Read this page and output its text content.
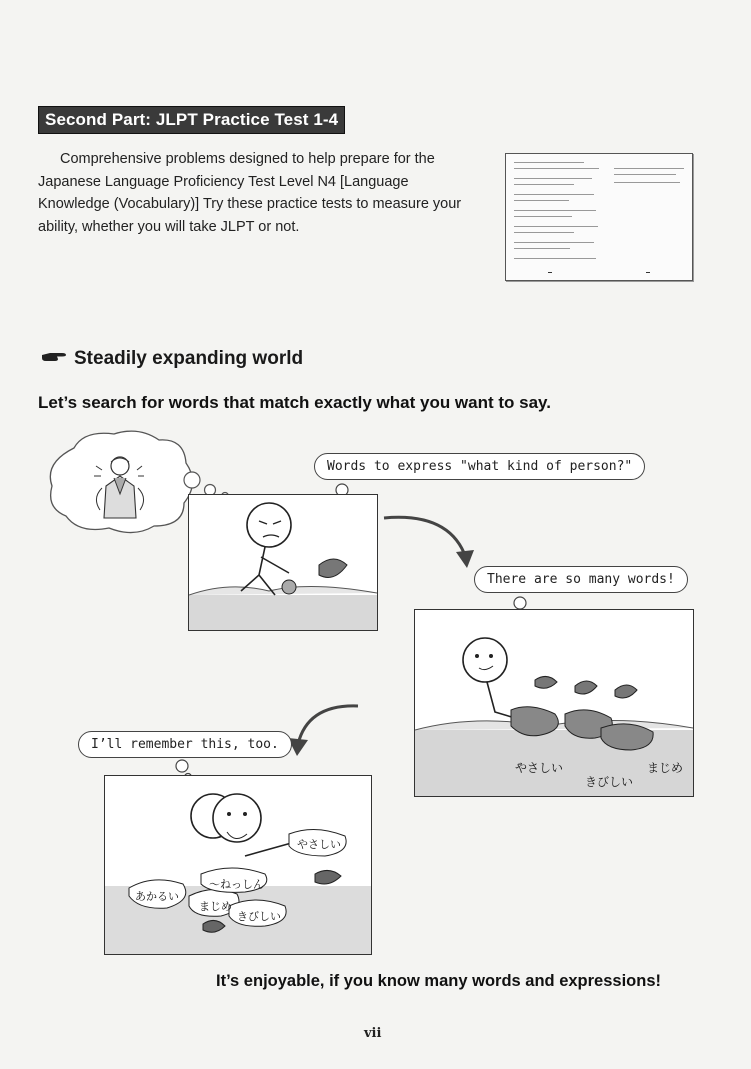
Second Part: JLPT Practice Test 1-4
Comprehensive problems designed to help prepare for the Japanese Language Proficiency Test Level N4 [Language Knowledge (Vocabulary)] Try these practice tests to measure your ability, whether you will take JLPT or not.
Steadily expanding world
Let’s search for words that match exactly what you want to say.
Words to express "what kind of person?"
There are so many words!
やさしい
きびしい
まじめ
I’ll remember this, too.
やさしい
～ねっしん
あかるい
まじめ
きびしい
It’s enjoyable, if you know many words and expressions!
vii
